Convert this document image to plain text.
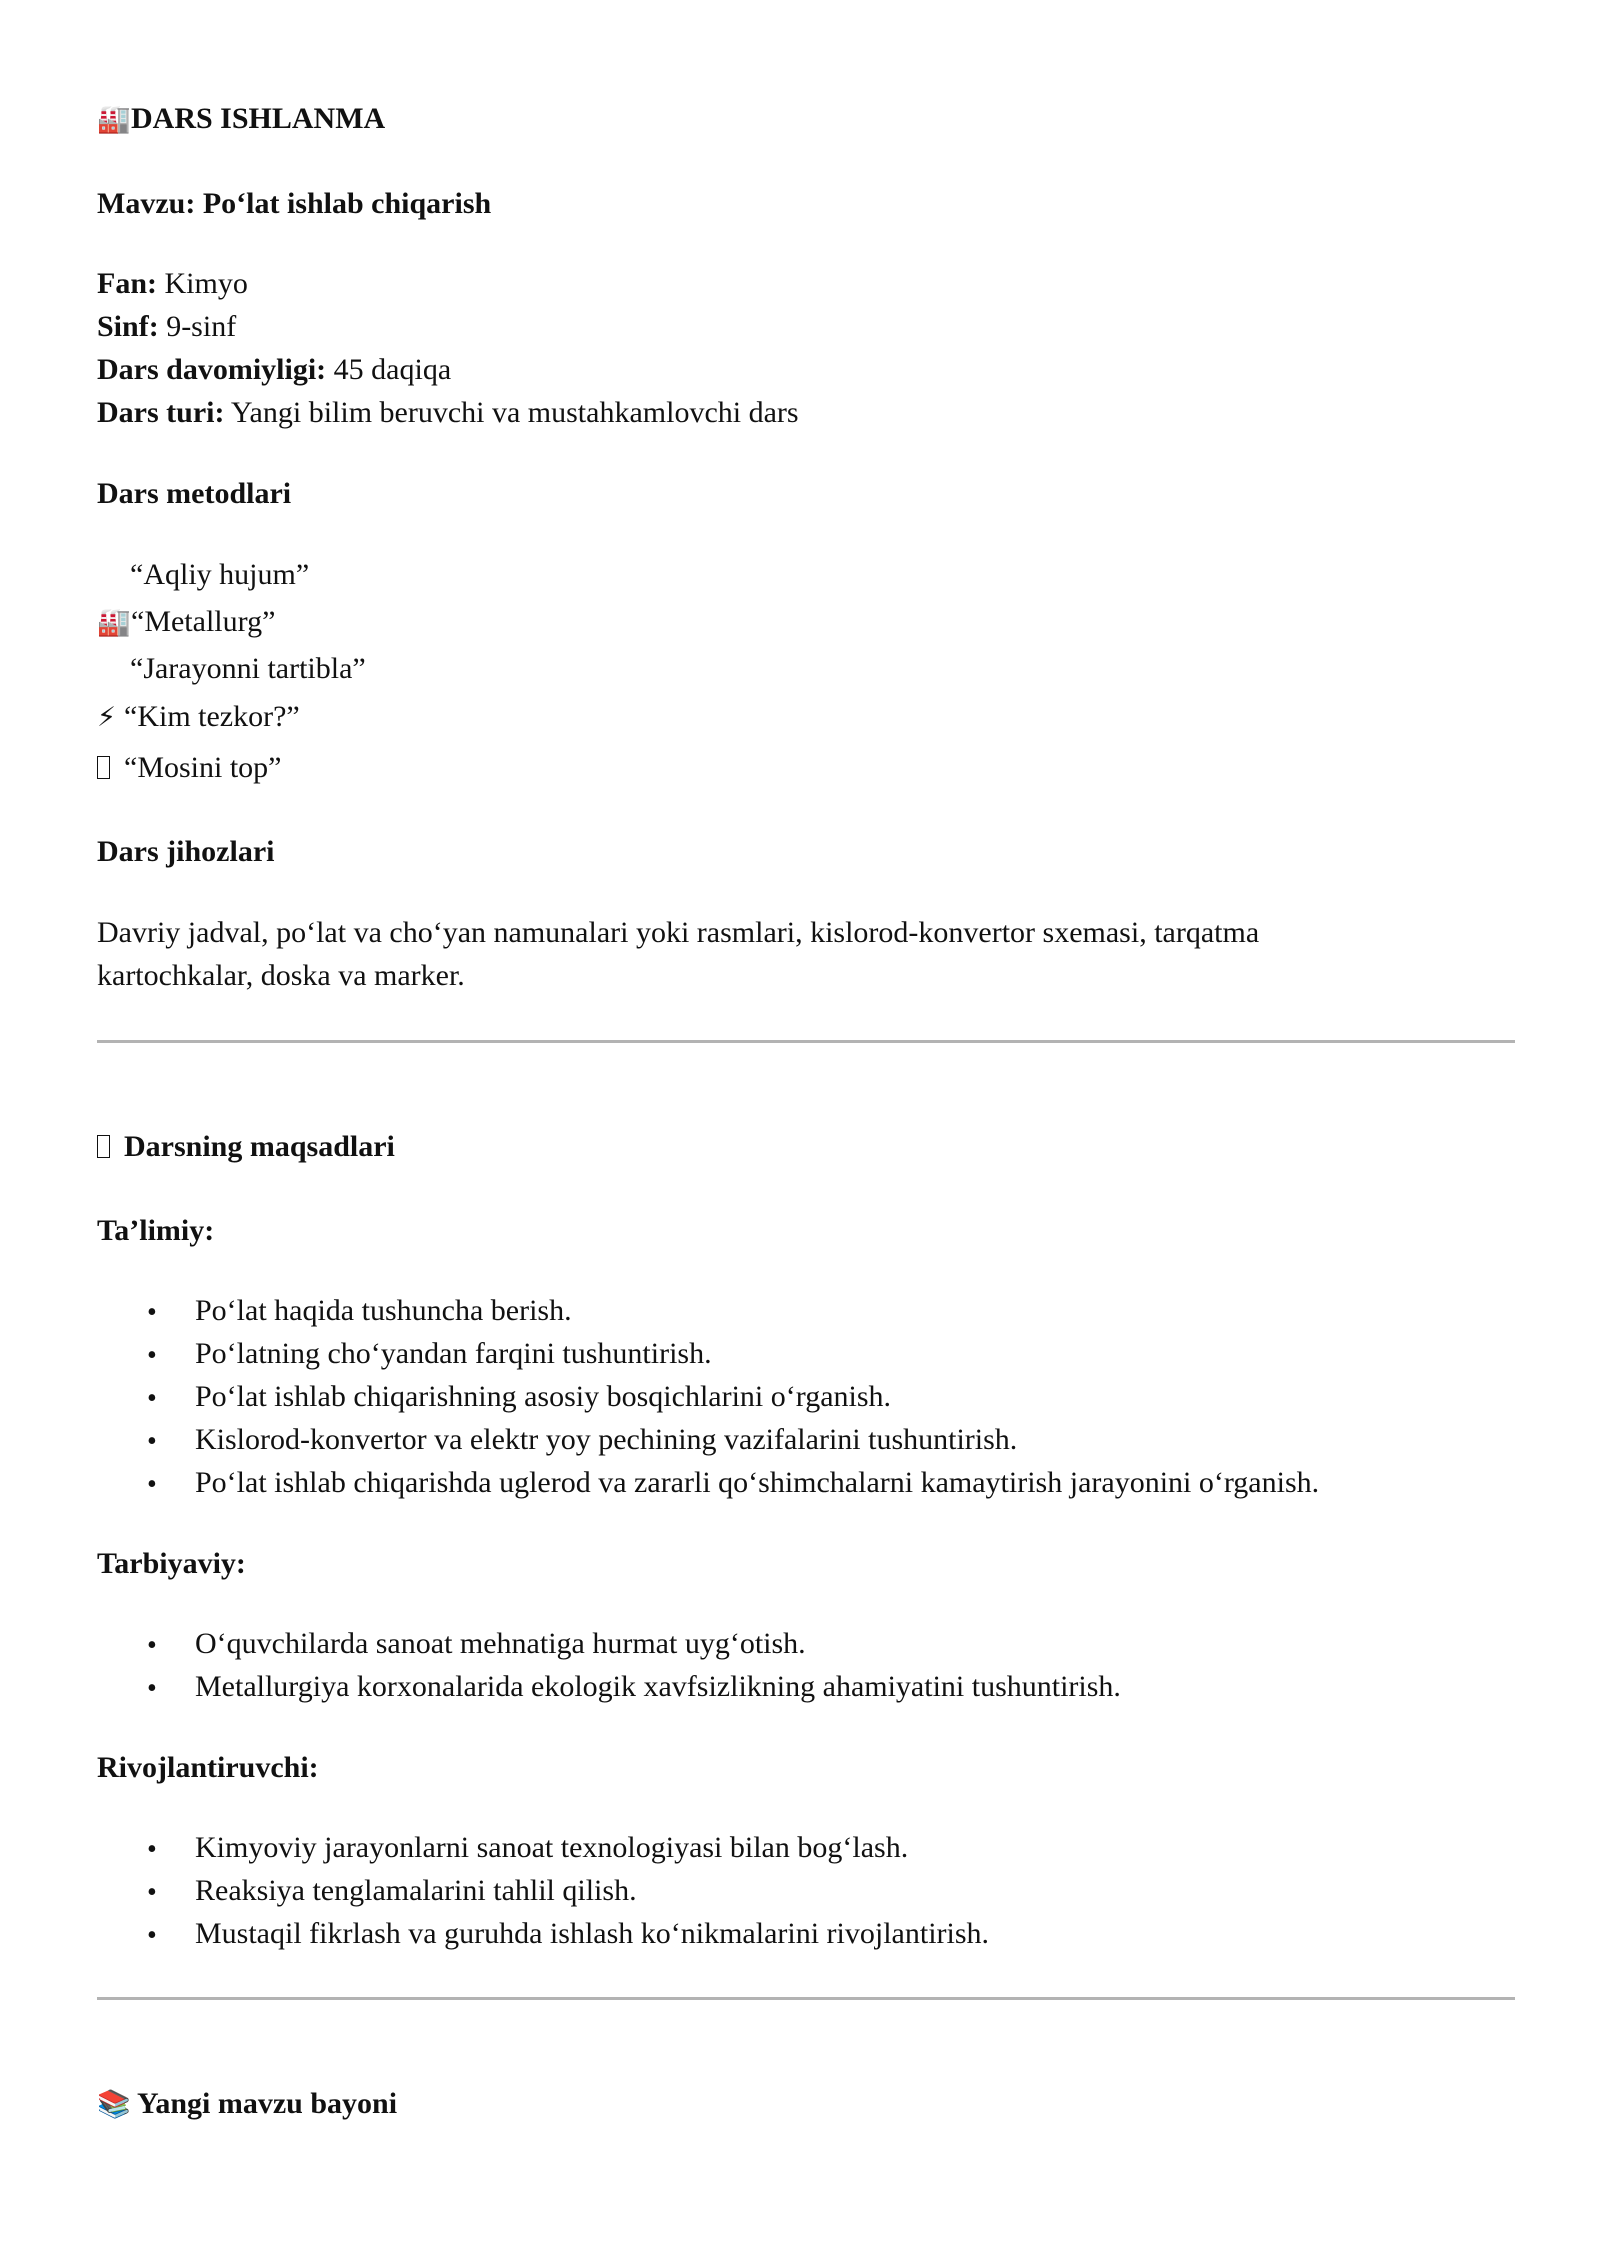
🏭DARS ISHLANMA
Mavzu: Po‘lat ishlab chiqarish
Fan: Kimyo
Sinf: 9-sinf
Dars davomiyligi: 45 daqiqa
Dars turi: Yangi bilim beruvchi va mustahkamlovchi dars
Dars metodlari
“Aqliy hujum”
🏭“Metallurg”
“Jarayonni tartibla”
⚡ “Kim tezkor?”
“Mosini top”
Dars jihozlari
Davriy jadval, po‘lat va cho‘yan namunalari yoki rasmlari, kislorod-konvertor sxemasi, tarqatma
kartochkalar, doska va marker.
Darsning maqsadlari
Ta’limiy:
• Po‘lat haqida tushuncha berish.
• Po‘latning cho‘yandan farqini tushuntirish.
• Po‘lat ishlab chiqarishning asosiy bosqichlarini o‘rganish.
• Kislorod-konvertor va elektr yoy pechining vazifalarini tushuntirish.
• Po‘lat ishlab chiqarishda uglerod va zararli qo‘shimchalarni kamaytirish jarayonini o‘rganish.
Tarbiyaviy:
• O‘quvchilarda sanoat mehnatiga hurmat uyg‘otish.
• Metallurgiya korxonalarida ekologik xavfsizlikning ahamiyatini tushuntirish.
Rivojlantiruvchi:
• Kimyoviy jarayonlarni sanoat texnologiyasi bilan bog‘lash.
• Reaksiya tenglamalarini tahlil qilish.
• Mustaqil fikrlash va guruhda ishlash ko‘nikmalarini rivojlantirish.
📚 Yangi mavzu bayoni
